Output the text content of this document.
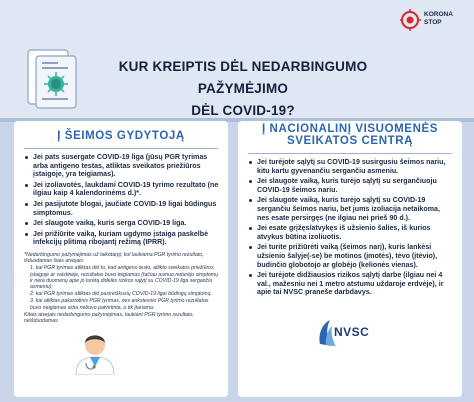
KUR KREIPTIS DĖL NEDARBINGUMO PAŽYMĖJIMO
DĖL COVID-19?
KORONA
STOP
Į ŠEIMOS GYDYTOJĄ
Jei pats susergate COVID-19 liga (jūsų PGR tyrimas arba antigeno testas, atliktas sveikatos priežiūros įstaigoje, yra teigiamas).
Jei izoliavotės, laukdami COVID-19 tyrimo rezultato (ne ilgiau kaip 4 kalendorinėms d.)*.
Jei pasijutote blogai, jaučiate COVID-19 ligai būdingus simptomus.
Jei slaugote vaiką, kuris serga COVID-19 liga.
Jei prižiūrite vaiką, kuriam ugdymo įstaiga paskelbė infekcijų plitimą ribojantį režimą (IPRR).
*Nedarbingumo pažymėjimas už laikotarpį, kol laukiama PGR tyrimo rezultato, išduodamas šiais atvejais:
1. kai PGR tyrimas atliktas dėl to, kad antigeno testo, atlikto sveikatos priežiūros įstaigoje ar vaistinėje, rezultatas buvo teigiamas (tačiau asmuo neturėjo simptomų ir nėra duomenų apie jo turėtą didelės rizikos sąlytį su COVID-19 liga sergančiu asmeniu);
2. kai PGR tyrimas atliktas dėl pasireiškusių COVID-19 ligai būdingų simptomų.
3. kai atliktas pakartotinis PGR tyrimas, nes ankstesnio PGR tyrimo rezultatas buvo neigiamas arba nebuvo patvirtinta, o tik įtariama.
Kitais atvejais nedarbingumo pažymėjimas, laukiant PGR tyrimo rezultato, neišduodamas.
Į NACIONALINĮ VISUOMENĖS
SVEIKATOS CENTRĄ
Jei turėjote sąlytį su COVID-19 susirgusiu šeimos nariu, kitu kartu gyvenančiu sergančiu asmeniu.
Jei slaugote vaiką, kuris turėjo sąlytį su sergančiuoju COVID-19 šeimos nariu.
Jei slaugote vaiką, kuris turėjo sąlytį su COVID-19 sergančiu šeimos nariu, bet jums izoliacija netaikoma, nes esate persirgęs (ne ilgiau nei prieš 90 d.).
Jei esate grįžęs/atvykęs iš užsienio šalies, iš kurios atvykus būtina izoliuotis.
Jei turite prižiūrėti vaiką (šeimos narį), kuris lankėsi užsienio šalyje(-se) be motinos (įmotės), tėvo (įtėvio), budinčio globotojo ar globėjo (kelionės vienas).
Jei turėjote didžiausios rizikos sąlytį darbe (ilgiau nei 4 val., mažesniu nei 1 metro atstumu uždaroje erdvėje), ir apie tai NVSC praneše darbdavys.
NVSC
